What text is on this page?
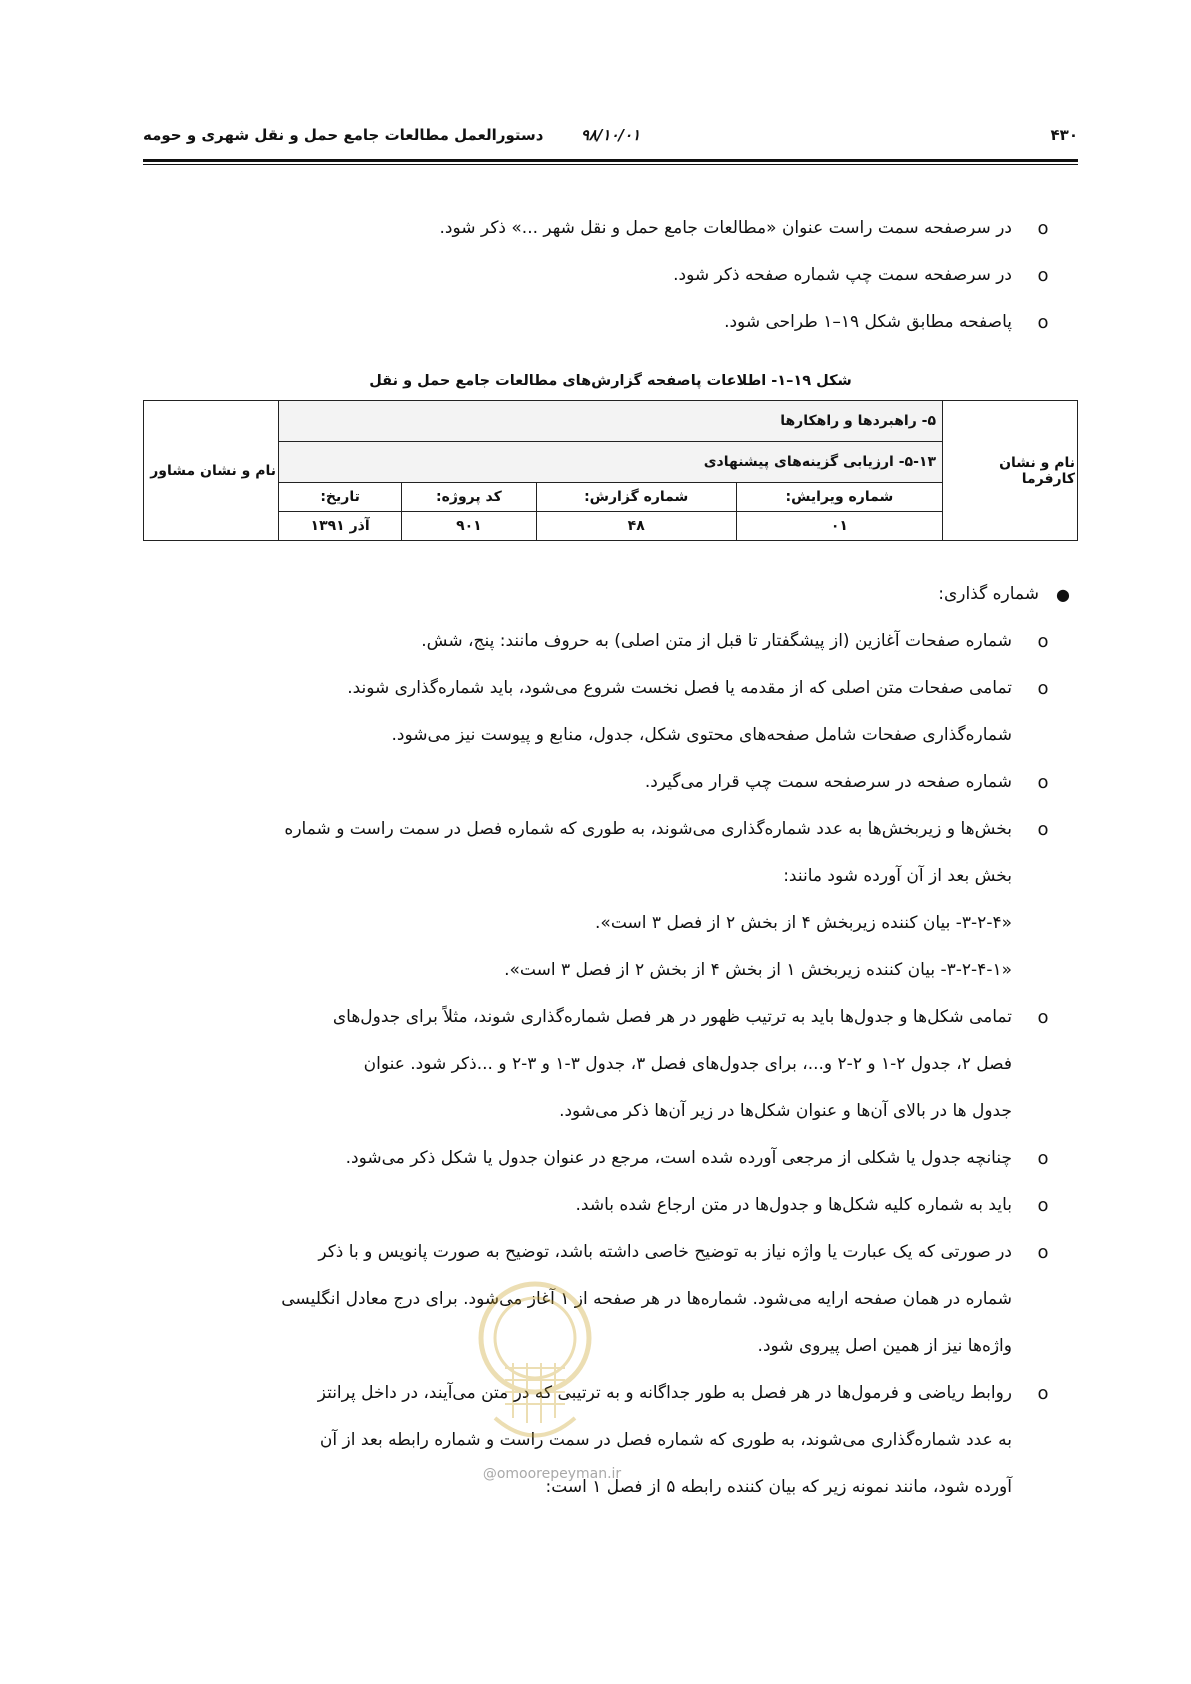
دستورالعمل مطالعات جامع حمل و نقل شهری و حومه	۹۸/۱۰/۰۱	۴۳۰
o
در سرصفحه سمت راست عنوان «مطالعات جامع حمل و نقل شهر ...» ذکر شود.
o
در سرصفحه سمت چپ شماره صفحه ذکر شود.
o
پاصفحه مطابق شکل ۱۹–۱ طراحی شود.
شکل ۱۹–۱- اطلاعات پاصفحه گزارش‌های مطالعات جامع حمل و نقل
نام و نشان کارفرما	۵- راهبردها و راهکارها				نام و نشان مشاور
	۵-۱۳- ارزیابی گزینه‌های پیشنهادی				
	شماره ویرایش:	شماره گزارش:	کد پروژه:	تاریخ:	
	۰۱	۴۸	۹۰۱	آذر ۱۳۹۱	
●
شماره گذاری:
o
شماره صفحات آغازین (از پیشگفتار تا قبل از متن اصلی) به حروف مانند: پنج، شش.
o
تمامی صفحات متن اصلی که از مقدمه یا فصل نخست شروع می‌شود، باید شماره‌گذاری شوند.
شماره‌گذاری صفحات شامل صفحه‌های محتوی شکل، جدول، منابع و پیوست نیز می‌شود.
o
شماره صفحه در سرصفحه سمت چپ قرار می‌گیرد.
o
بخش‌ها و زیربخش‌ها به عدد شماره‌گذاری می‌شوند، به طوری که شماره فصل در سمت راست و شماره
بخش بعد از آن آورده شود مانند:
«۳-۲-۴- بیان کننده زیربخش ۴ از بخش ۲ از فصل ۳ است».
«۳-۲-۴-۱- بیان کننده زیربخش ۱ از بخش ۴ از بخش ۲ از فصل ۳ است».
o
تمامی شکل‌ها و جدول‌ها باید به ترتیب ظهور در هر فصل شماره‌گذاری شوند، مثلاً برای جدول‌های
فصل ۲، جدول ۲-۱ و ۲-۲ و...، برای جدول‌های فصل ۳، جدول ۳-۱ و ۳-۲ و ...ذکر شود. عنوان
جدول ها در بالای آن‌ها و عنوان شکل‌ها در زیر آن‌ها ذکر می‌شود.
o
چنانچه جدول یا شکلی از مرجعی آورده شده است، مرجع در عنوان جدول یا شکل ذکر می‌شود.
o
باید به شماره کلیه شکل‌ها و جدول‌ها در متن ارجاع شده باشد.
o
در صورتی که یک عبارت یا واژه نیاز به توضیح خاصی داشته باشد، توضیح به صورت پانویس و با ذکر
شماره در همان صفحه ارایه می‌شود. شماره‌ها در هر صفحه از ۱ آغاز می‌شود. برای درج معادل انگلیسی
واژه‌ها نیز از همین اصل پیروی شود.
o
روابط ریاضی و فرمول‌ها در هر فصل به طور جداگانه و به ترتیبی که در متن می‌آیند، در داخل پرانتز
به عدد شماره‌گذاری می‌شوند، به طوری که شماره فصل در سمت راست و شماره رابطه بعد از آن
آورده شود، مانند نمونه زیر که بیان کننده رابطه ۵ از فصل ۱ است:
@omoorepeyman.ir
